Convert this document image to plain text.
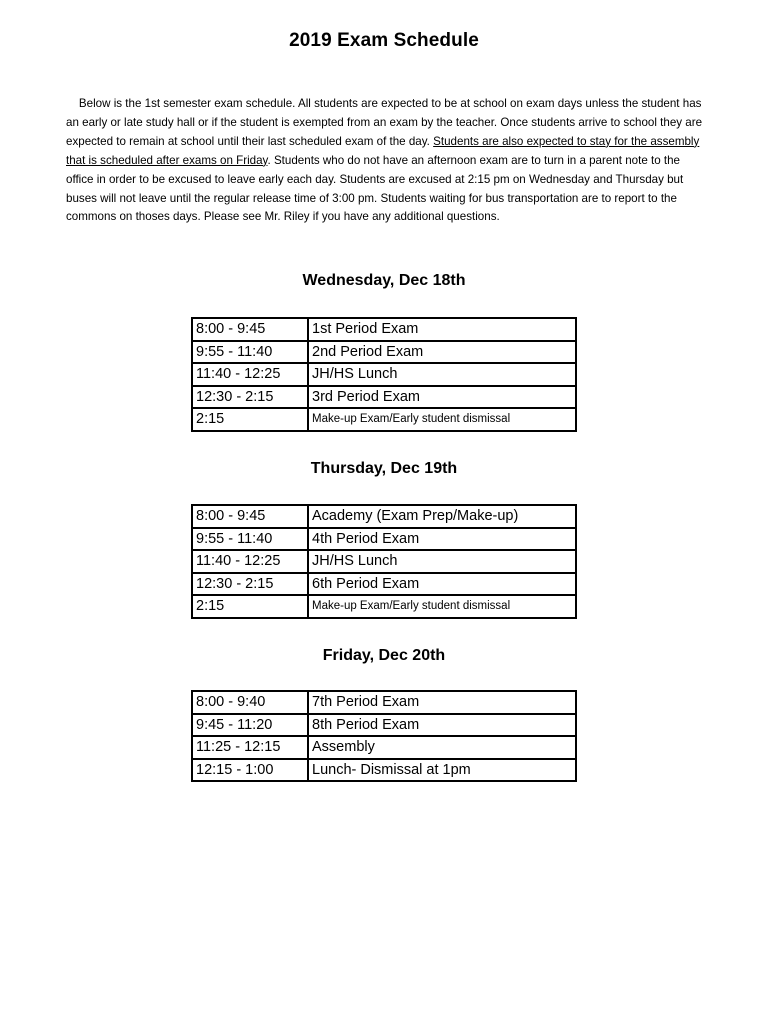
2019 Exam Schedule

Below is the 1st semester exam schedule. All students are expected to be at school on exam days unless the student has an early or late study hall or if the student is exempted from an exam by the teacher. Once students arrive to school they are expected to remain at school until their last scheduled exam of the day. Students are also expected to stay for the assembly that is scheduled after exams on Friday. Students who do not have an afternoon exam are to turn in a parent note to the office in order to be excused to leave early each day. Students are excused at 2:15 pm on Wednesday and Thursday but buses will not leave until the regular release time of 3:00 pm. Students waiting for bus transportation are to report to the commons on thoses days. Please see Mr. Riley if you have any additional questions.

Wednesday, Dec 18th
8:00 - 9:45	1st Period Exam
9:55 - 11:40	2nd Period Exam
11:40 - 12:25	JH/HS Lunch
12:30 - 2:15	3rd Period Exam
2:15	Make-up Exam/Early student dismissal
Thursday, Dec 19th
8:00 - 9:45	Academy (Exam Prep/Make-up)
9:55 - 11:40	4th Period Exam
11:40 - 12:25	JH/HS Lunch
12:30 - 2:15	6th Period Exam
2:15	Make-up Exam/Early student dismissal
Friday, Dec 20th
8:00 - 9:40	7th Period Exam
9:45 - 11:20	8th Period Exam
11:25 - 12:15	Assembly
12:15 - 1:00	Lunch- Dismissal at 1pm
